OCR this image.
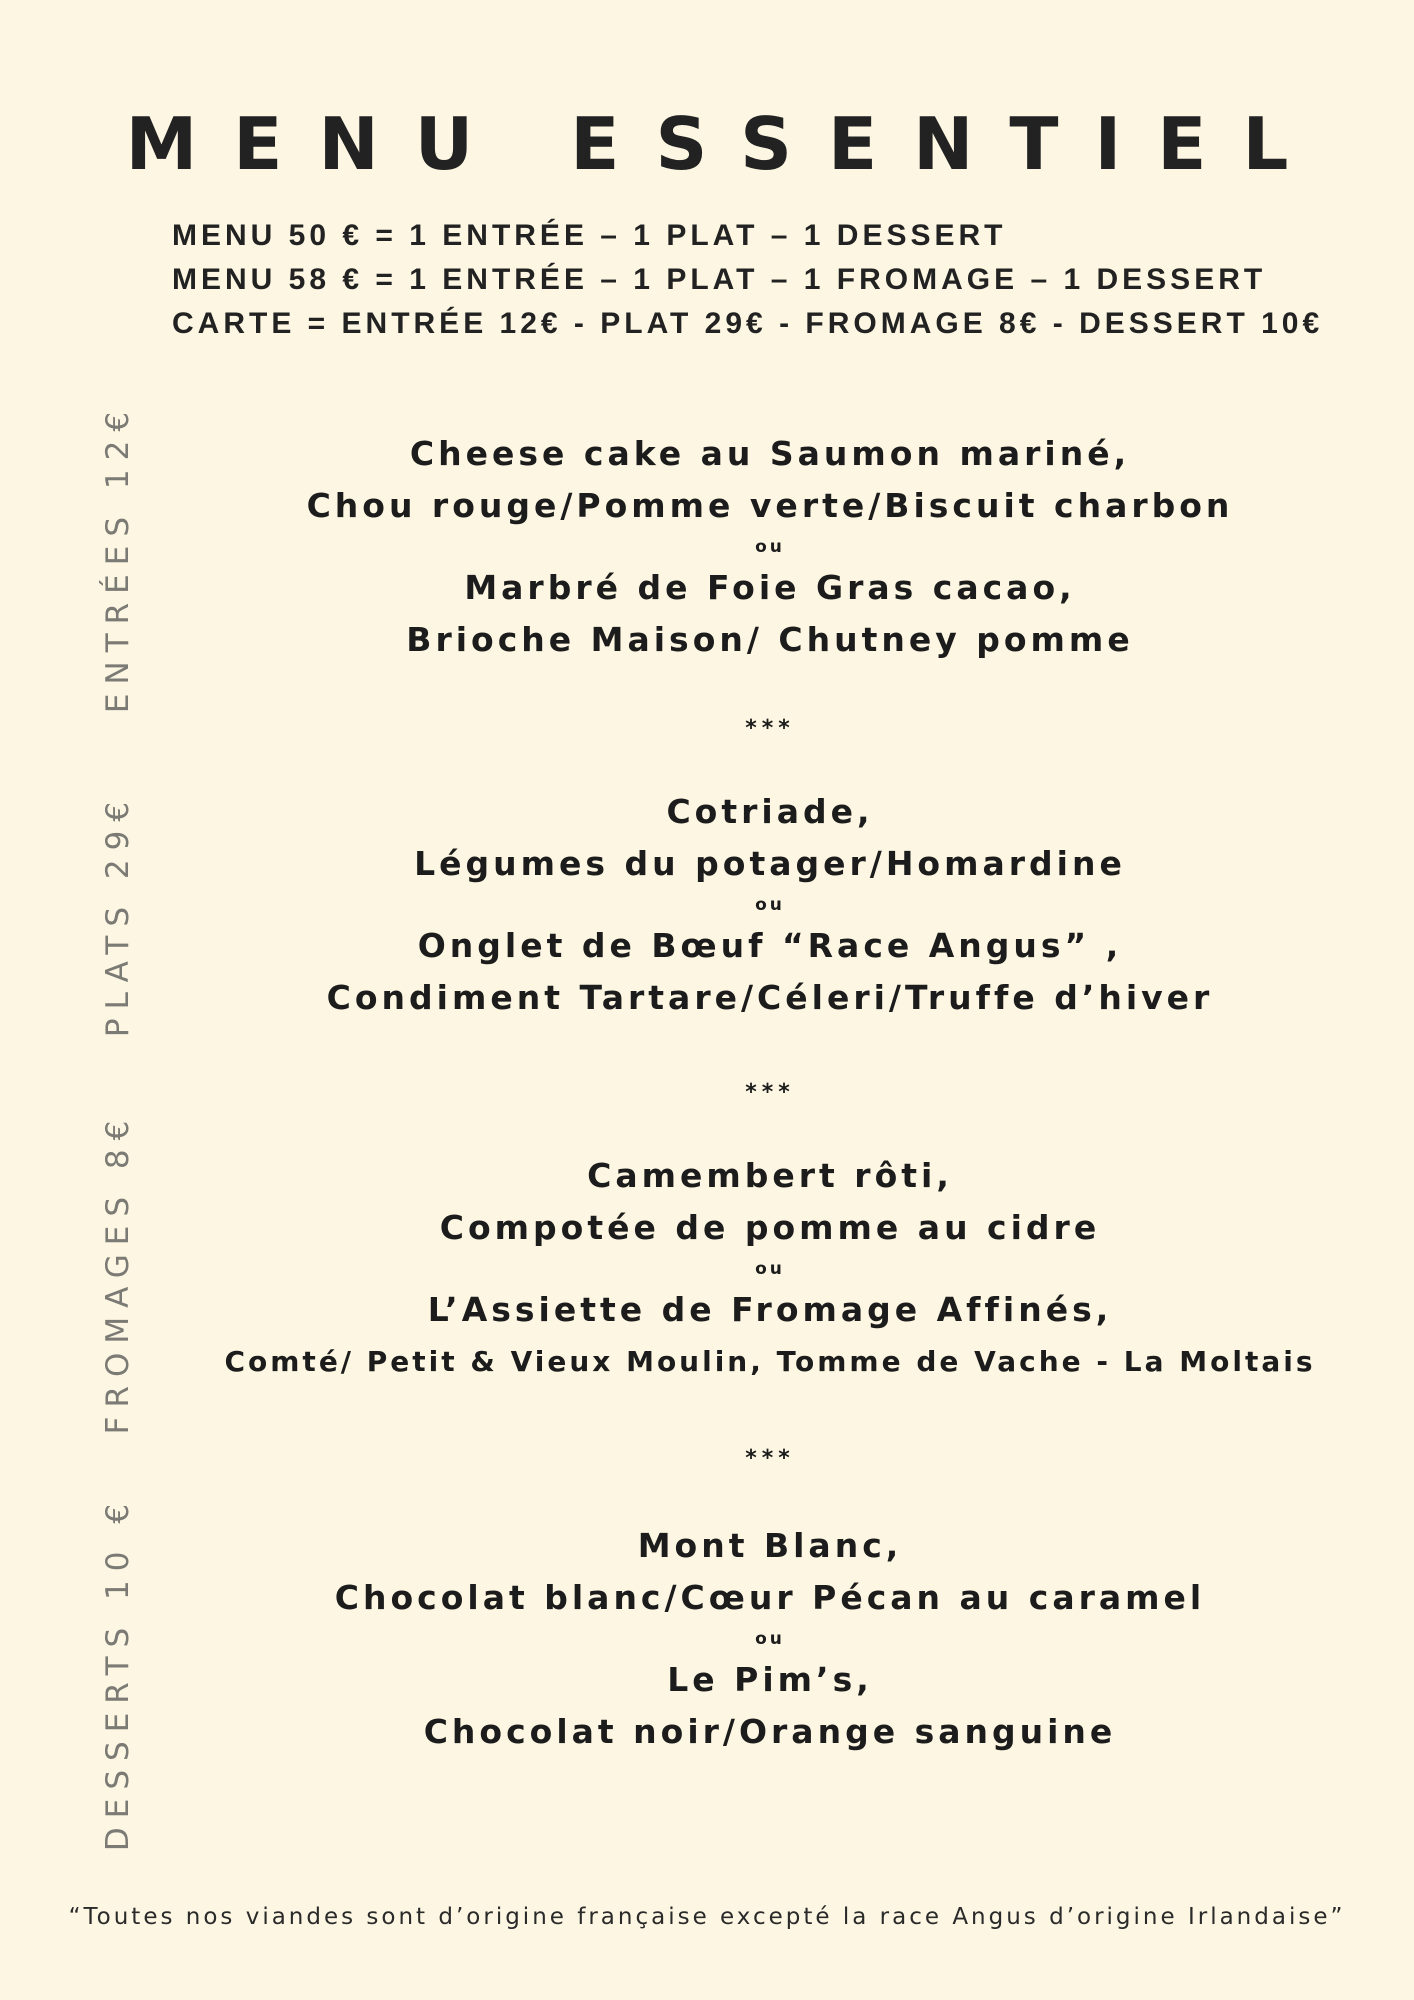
MENU ESSENTIEL
MENU 50 € = 1 ENTRÉE – 1 PLAT – 1 DESSERT
MENU 58 € = 1 ENTRÉE – 1 PLAT – 1 FROMAGE – 1 DESSERT
CARTE = ENTRÉE 12€ - PLAT 29€ - FROMAGE 8€ - DESSERT 10€
ENTRÉES 12€
PLATS 29€
FROMAGES 8€
DESSERTS 10 €
Cheese cake au Saumon mariné,
Chou rouge/Pomme verte/Biscuit charbon
ou
Marbré de Foie Gras cacao,
Brioche Maison/ Chutney pomme
***
Cotriade,
Légumes du potager/Homardine
ou
Onglet de Bœuf “Race Angus” ,
Condiment Tartare/Céleri/Truffe d’hiver
***
Camembert rôti,
Compotée de pomme au cidre
ou
L’Assiette de Fromage Affinés,
Comté/ Petit & Vieux Moulin, Tomme de Vache - La Moltais
***
Mont Blanc,
Chocolat blanc/Cœur Pécan au caramel
ou
Le Pim’s,
Chocolat noir/Orange sanguine
“Toutes nos viandes sont d’origine française excepté la race Angus d’origine Irlandaise”
